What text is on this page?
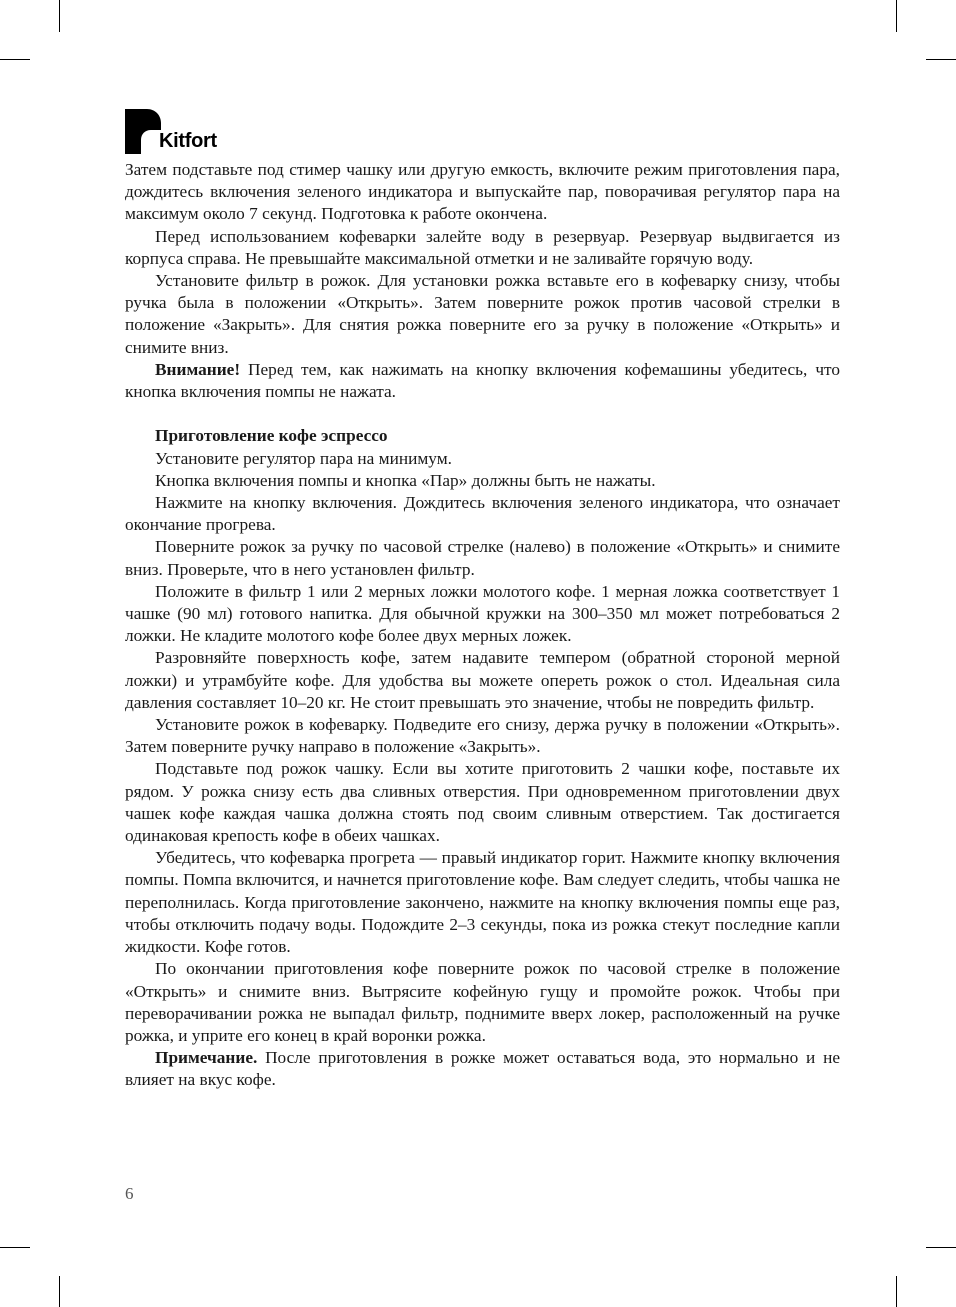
Kitfort

Затем подставьте под стимер чашку или другую емкость, включите режим приготовления пара, дождитесь включения зеленого индикатора и выпускайте пар, поворачивая регулятор пара на максимум около 7 секунд. Подготовка к работе окончена.

Перед использованием кофеварки залейте воду в резервуар. Резервуар выдвигается из корпуса справа. Не превышайте максимальной отметки и не заливайте горячую воду.

Установите фильтр в рожок. Для установки рожка вставьте его в кофеварку снизу, чтобы ручка была в положении «Открыть». Затем поверните рожок против часовой стрелки в положение «Закрыть». Для снятия рожка поверните его за ручку в положение «Открыть» и снимите вниз.

Внимание! Перед тем, как нажимать на кнопку включения кофемашины убедитесь, что кнопка включения помпы не нажата.

Приготовление кофе эспрессо

Установите регулятор пара на минимум.

Кнопка включения помпы и кнопка «Пар» должны быть не нажаты.

Нажмите на кнопку включения. Дождитесь включения зеленого индикатора, что означает окончание прогрева.

Поверните рожок за ручку по часовой стрелке (налево) в положение «Открыть» и снимите вниз. Проверьте, что в него установлен фильтр.

Положите в фильтр 1 или 2 мерных ложки молотого кофе. 1 мерная ложка соответствует 1 чашке (90 мл) готового напитка. Для обычной кружки на 300–350 мл может потребоваться 2 ложки. Не кладите молотого кофе более двух мерных ложек.

Разровняйте поверхность кофе, затем надавите темпером (обратной стороной мерной ложки) и утрамбуйте кофе. Для удобства вы можете опереть рожок о стол. Идеальная сила давления составляет 10–20 кг. Не стоит превышать это значение, чтобы не повредить фильтр.

Установите рожок в кофеварку. Подведите его снизу, держа ручку в положении «Открыть». Затем поверните ручку направо в положение «Закрыть».

Подставьте под рожок чашку. Если вы хотите приготовить 2 чашки кофе, поставьте их рядом. У рожка снизу есть два сливных отверстия. При одновременном приготовлении двух чашек кофе каждая чашка должна стоять под своим сливным отверстием. Так достигается одинаковая крепость кофе в обеих чашках.

Убедитесь, что кофеварка прогрета — правый индикатор горит. Нажмите кнопку включения помпы. Помпа включится, и начнется приготовление кофе. Вам следует следить, чтобы чашка не переполнилась. Когда приготовление закончено, нажмите на кнопку включения помпы еще раз, чтобы отключить подачу воды. Подождите 2–3 секунды, пока из рожка стекут последние капли жидкости. Кофе готов.

По окончании приготовления кофе поверните рожок по часовой стрелке в положение «Открыть» и снимите вниз. Вытрясите кофейную гущу и промойте рожок. Чтобы при переворачивании рожка не выпадал фильтр, поднимите вверх локер, расположенный на ручке рожка, и уприте его конец в край воронки рожка.

Примечание. После приготовления в рожке может оставаться вода, это нормально и не влияет на вкус кофе.

6
